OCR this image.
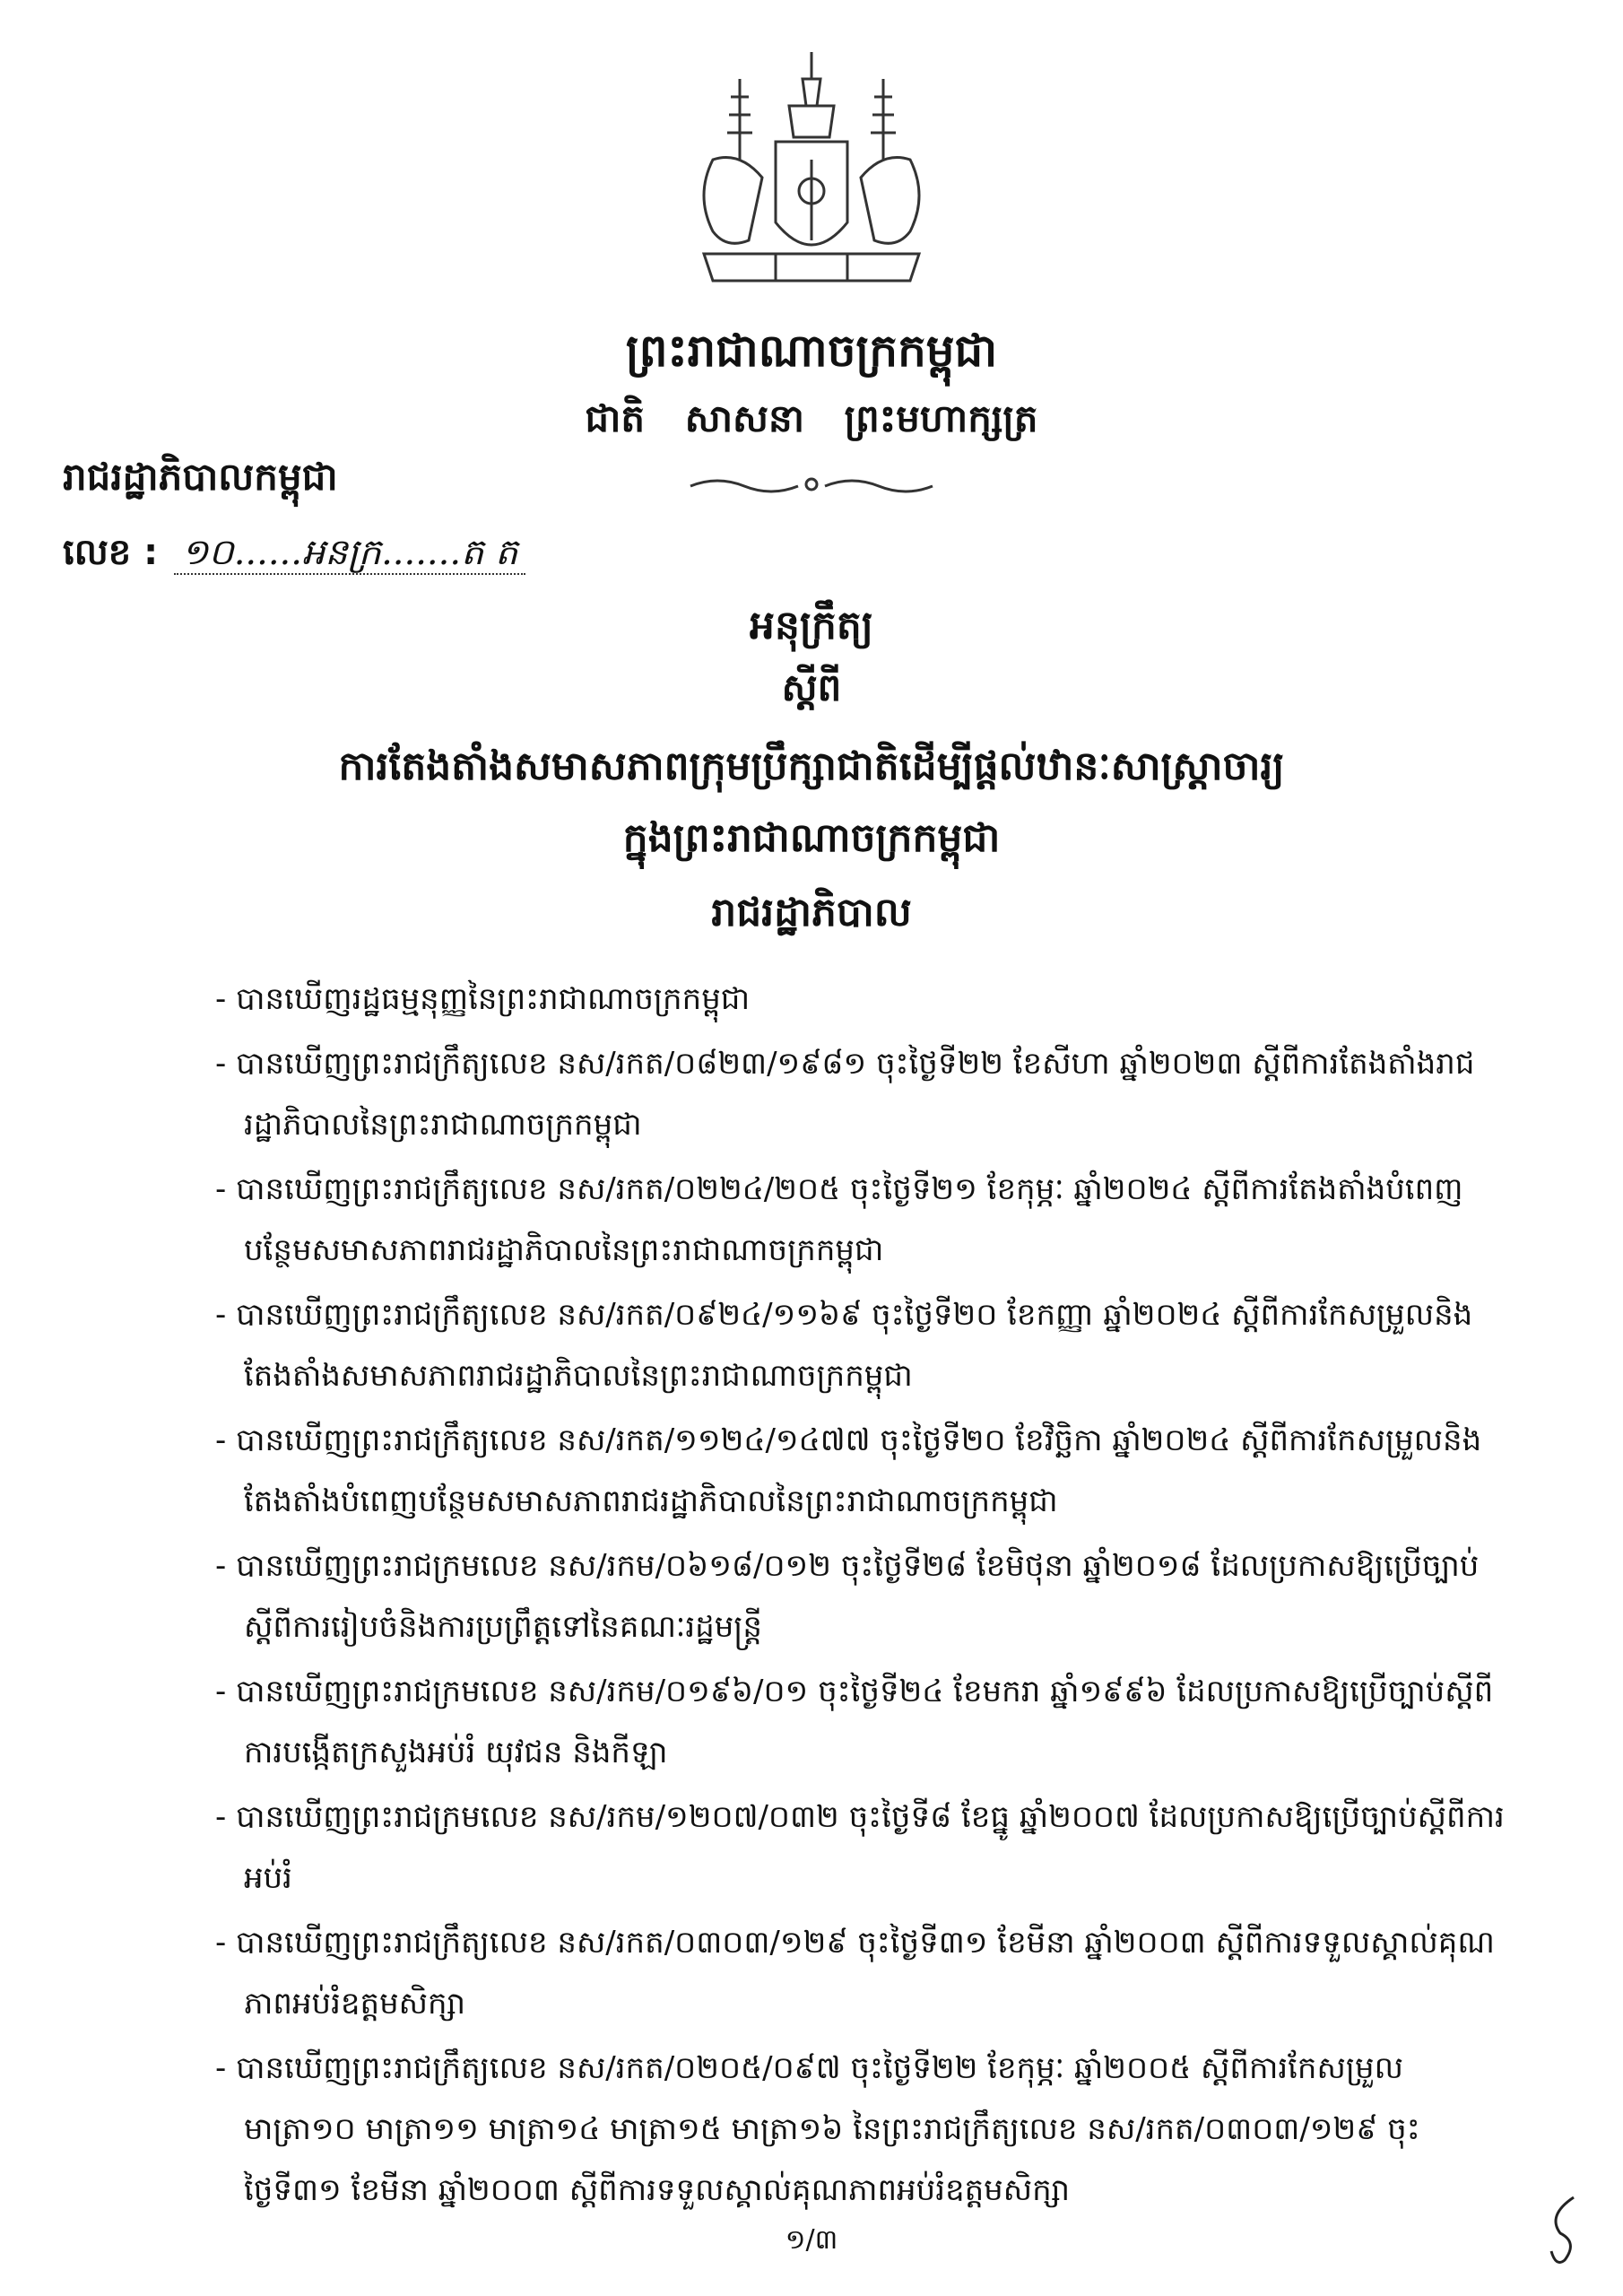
ព្រះរាជាណាចក្រកម្ពុជា
ជាតិ សាសនា ព្រះមហាក្សត្រ
រាជរដ្ឋាភិបាលកម្ពុជា
លេខ : ១០......អនក្រ.......ត ត
អនុក្រឹត្យ
ស្តីពី
ការតែងតាំងសមាសភាពក្រុមប្រឹក្សាជាតិដើម្បីផ្តល់ឋានៈសាស្ត្រាចារ្យ
ក្នុងព្រះរាជាណាចក្រកម្ពុជា
រាជរដ្ឋាភិបាល
- បានឃើញរដ្ឋធម្មនុញ្ញនៃព្រះរាជាណាចក្រកម្ពុជា
- បានឃើញព្រះរាជក្រឹត្យលេខ នស/រកត/០៨២៣/១៩៨១ ចុះថ្ងៃទី២២ ខែសីហា ឆ្នាំ២០២៣ ស្តីពីការតែងតាំងរាជរដ្ឋាភិបាលនៃព្រះរាជាណាចក្រកម្ពុជា
- បានឃើញព្រះរាជក្រឹត្យលេខ នស/រកត/០២២៤/២០៥ ចុះថ្ងៃទី២១ ខែកុម្ភៈ ឆ្នាំ២០២៤ ស្តីពីការតែងតាំងបំពេញបន្ថែមសមាសភាពរាជរដ្ឋាភិបាលនៃព្រះរាជាណាចក្រកម្ពុជា
- បានឃើញព្រះរាជក្រឹត្យលេខ នស/រកត/០៩២៤/១១៦៩ ចុះថ្ងៃទី២០ ខែកញ្ញា ឆ្នាំ២០២៤ ស្តីពីការកែសម្រួលនិងតែងតាំងសមាសភាពរាជរដ្ឋាភិបាលនៃព្រះរាជាណាចក្រកម្ពុជា
- បានឃើញព្រះរាជក្រឹត្យលេខ នស/រកត/១១២៤/១៤៧៧ ចុះថ្ងៃទី២០ ខែវិច្ឆិកា ឆ្នាំ២០២៤ ស្តីពីការកែសម្រួលនិងតែងតាំងបំពេញបន្ថែមសមាសភាពរាជរដ្ឋាភិបាលនៃព្រះរាជាណាចក្រកម្ពុជា
- បានឃើញព្រះរាជក្រមលេខ នស/រកម/០៦១៨/០១២ ចុះថ្ងៃទី២៨ ខែមិថុនា ឆ្នាំ២០១៨ ដែលប្រកាសឱ្យប្រើច្បាប់ស្តីពីការរៀបចំនិងការប្រព្រឹត្តទៅនៃគណៈរដ្ឋមន្ត្រី
- បានឃើញព្រះរាជក្រមលេខ នស/រកម/០១៩៦/០១ ចុះថ្ងៃទី២៤ ខែមករា ឆ្នាំ១៩៩៦ ដែលប្រកាសឱ្យប្រើច្បាប់ស្តីពីការបង្កើតក្រសួងអប់រំ យុវជន និងកីឡា
- បានឃើញព្រះរាជក្រមលេខ នស/រកម/១២០៧/០៣២ ចុះថ្ងៃទី៨ ខែធ្នូ ឆ្នាំ២០០៧ ដែលប្រកាសឱ្យប្រើច្បាប់ស្តីពីការអប់រំ
- បានឃើញព្រះរាជក្រឹត្យលេខ នស/រកត/០៣០៣/១២៩ ចុះថ្ងៃទី៣១ ខែមីនា ឆ្នាំ២០០៣ ស្តីពីការទទួលស្គាល់គុណភាពអប់រំឧត្តមសិក្សា
- បានឃើញព្រះរាជក្រឹត្យលេខ នស/រកត/០២០៥/០៩៧ ចុះថ្ងៃទី២២ ខែកុម្ភៈ ឆ្នាំ២០០៥ ស្តីពីការកែសម្រួលមាត្រា១០ មាត្រា១១ មាត្រា១៤ មាត្រា១៥ មាត្រា១៦ នៃព្រះរាជក្រឹត្យលេខ នស/រកត/០៣០៣/១២៩ ចុះថ្ងៃទី៣១ ខែមីនា ឆ្នាំ២០០៣ ស្តីពីការទទួលស្គាល់គុណភាពអប់រំឧត្តមសិក្សា
១/៣
